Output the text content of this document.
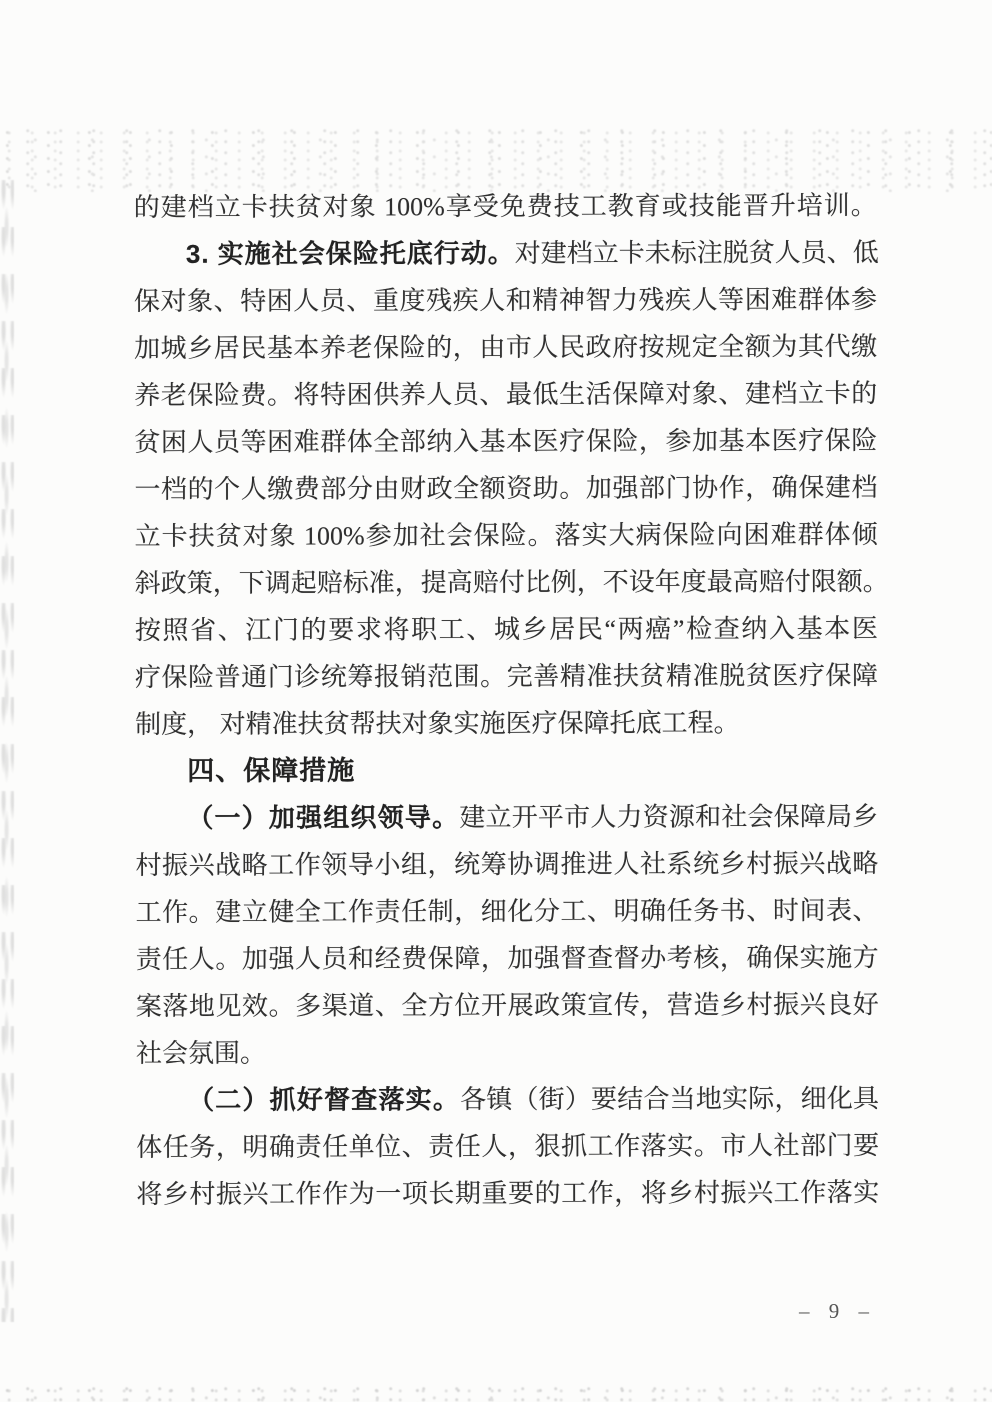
的建档立卡扶贫对象 100%享受免费技工教育或技能晋升培训。
3. 实施社会保险托底行动。对建档立卡未标注脱贫人员、低
保对象、特困人员、重度残疾人和精神智力残疾人等困难群体参
加城乡居民基本养老保险的，由市人民政府按规定全额为其代缴
养老保险费。将特困供养人员、最低生活保障对象、建档立卡的
贫困人员等困难群体全部纳入基本医疗保险，参加基本医疗保险
一档的个人缴费部分由财政全额资助。加强部门协作，确保建档
立卡扶贫对象 100%参加社会保险。落实大病保险向困难群体倾
斜政策，下调起赔标准，提高赔付比例，不设年度最高赔付限额。
按照省、江门的要求将职工、城乡居民“两癌”检查纳入基本医
疗保险普通门诊统筹报销范围。完善精准扶贫精准脱贫医疗保障
制度， 对精准扶贫帮扶对象实施医疗保障托底工程。
四、保障措施
（一）加强组织领导。建立开平市人力资源和社会保障局乡
村振兴战略工作领导小组，统筹协调推进人社系统乡村振兴战略
工作。建立健全工作责任制，细化分工、明确任务书、时间表、
责任人。加强人员和经费保障，加强督查督办考核，确保实施方
案落地见效。多渠道、全方位开展政策宣传，营造乡村振兴良好
社会氛围。
（二）抓好督查落实。各镇（街）要结合当地实际，细化具
体任务，明确责任单位、责任人，狠抓工作落实。市人社部门要
将乡村振兴工作作为一项长期重要的工作，将乡村振兴工作落实
– 9 –
